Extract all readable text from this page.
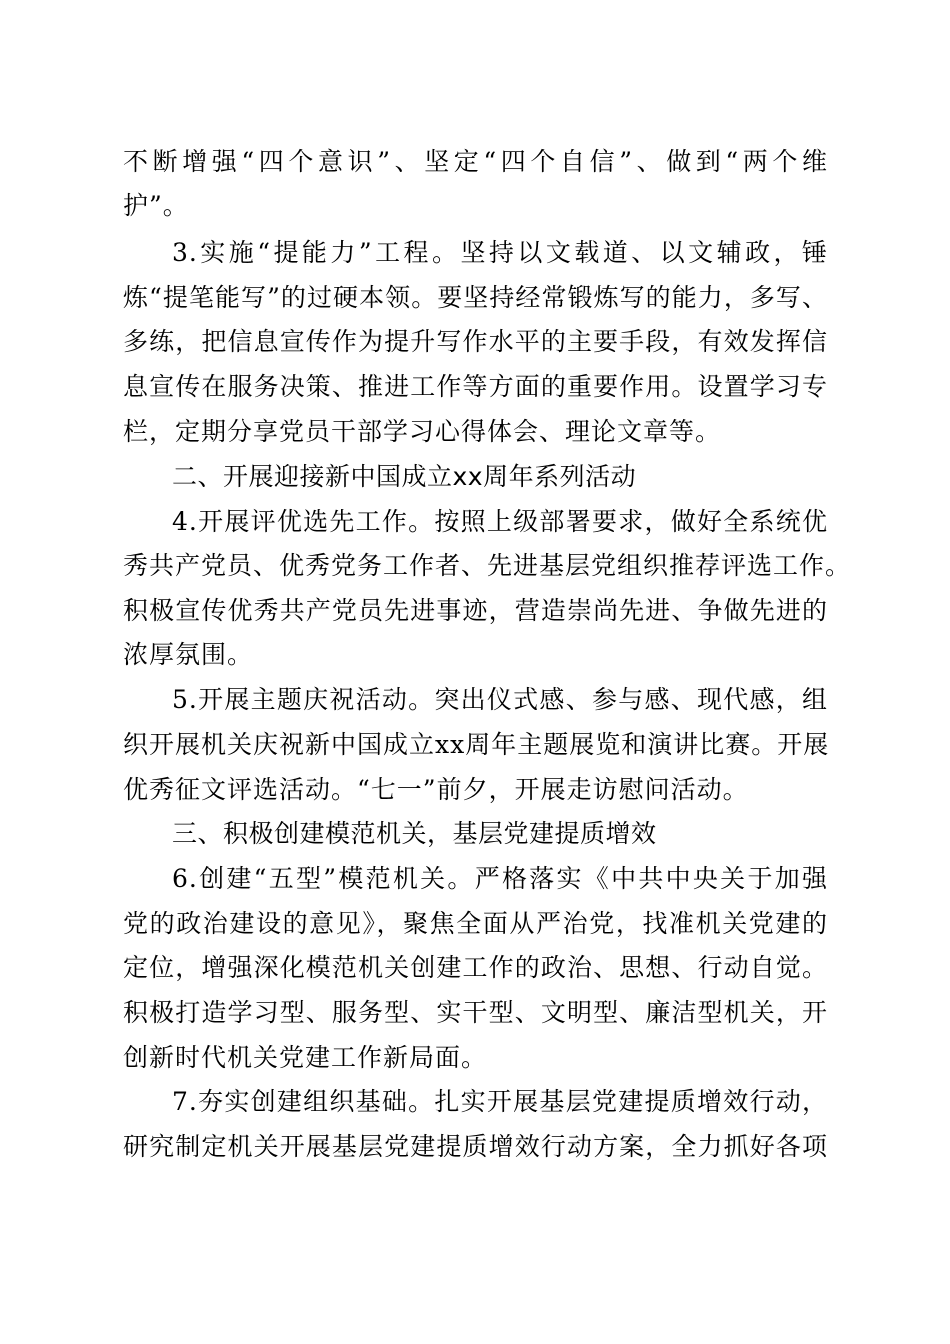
不断增强“四个意识”、坚定“四个自信”、做到“两个维
护”。
3.实施“提能力”工程。坚持以文载道、以文辅政，锤
炼“提笔能写”的过硬本领。要坚持经常锻炼写的能力，多写、
多练，把信息宣传作为提升写作水平的主要手段，有效发挥信
息宣传在服务决策、推进工作等方面的重要作用。设置学习专
栏，定期分享党员干部学习心得体会、理论文章等。
二、开展迎接新中国成立xx周年系列活动
4.开展评优选先工作。按照上级部署要求，做好全系统优
秀共产党员、优秀党务工作者、先进基层党组织推荐评选工作。
积极宣传优秀共产党员先进事迹，营造崇尚先进、争做先进的
浓厚氛围。
5.开展主题庆祝活动。突出仪式感、参与感、现代感，组
织开展机关庆祝新中国成立xx周年主题展览和演讲比赛。开展
优秀征文评选活动。“七一”前夕，开展走访慰问活动。
三、积极创建模范机关，基层党建提质增效
6.创建“五型”模范机关。严格落实《中共中央关于加强
党的政治建设的意见》，聚焦全面从严治党，找准机关党建的
定位，增强深化模范机关创建工作的政治、思想、行动自觉。
积极打造学习型、服务型、实干型、文明型、廉洁型机关，开
创新时代机关党建工作新局面。
7.夯实创建组织基础。扎实开展基层党建提质增效行动，
研究制定机关开展基层党建提质增效行动方案，全力抓好各项
